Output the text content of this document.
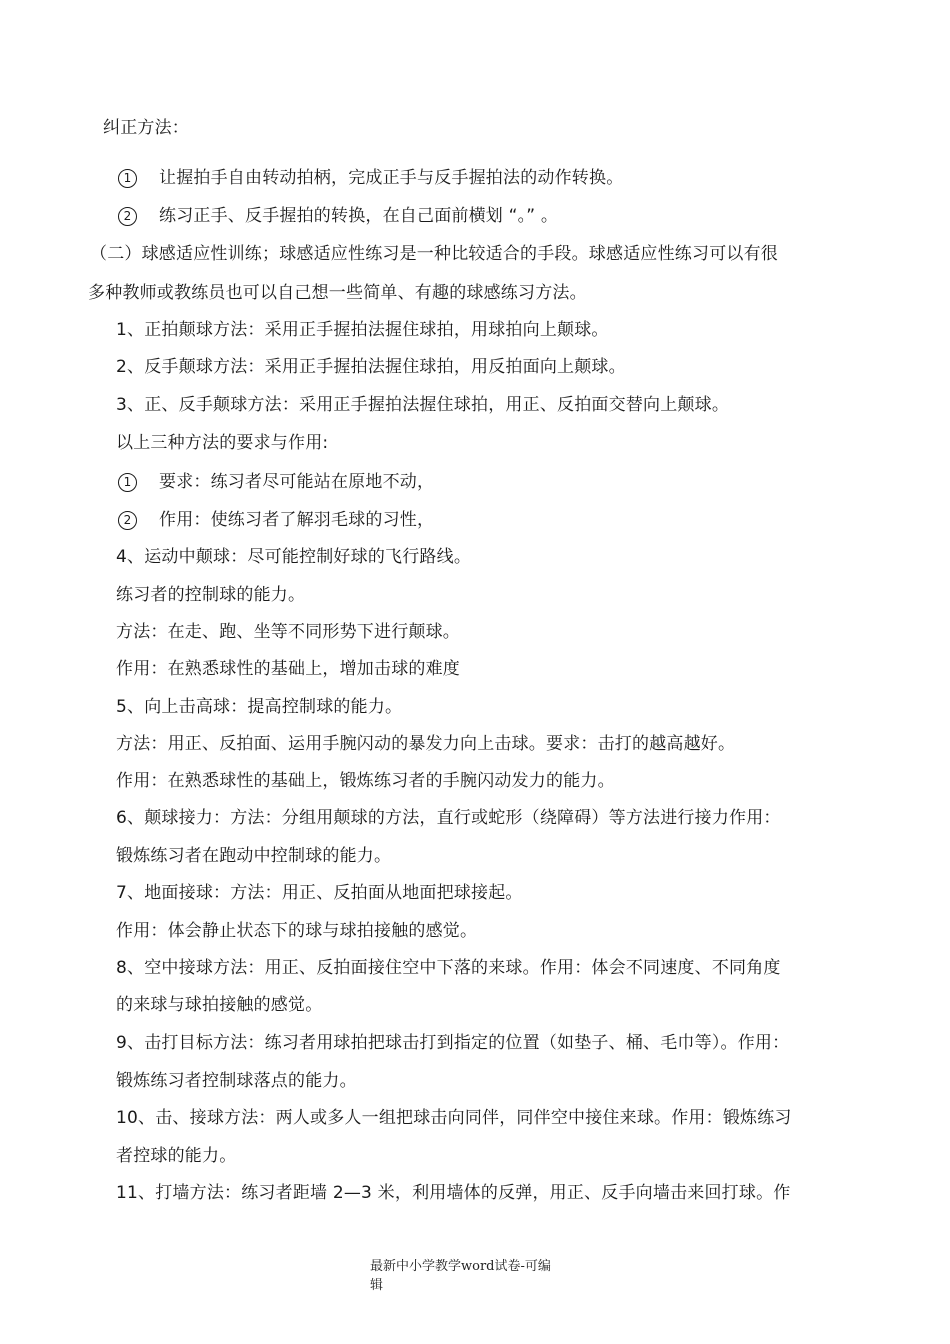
纠正方法：
1 让握拍手自由转动拍柄，完成正手与反手握拍法的动作转换。
2 练习正手、反手握拍的转换，在自己面前横划 “。” 。
（二）球感适应性训练；球感适应性练习是一种比较适合的手段。球感适应性练习可以有很
多种教师或教练员也可以自己想一些简单、有趣的球感练习方法。
1、正拍颠球方法：采用正手握拍法握住球拍，用球拍向上颠球。
2、反手颠球方法：采用正手握拍法握住球拍，用反拍面向上颠球。
3、正、反手颠球方法：采用正手握拍法握住球拍，用正、反拍面交替向上颠球。
以上三种方法的要求与作用:
1 要求：练习者尽可能站在原地不动，
2 作用：使练习者了解羽毛球的习性，
4、运动中颠球：尽可能控制好球的飞行路线。
练习者的控制球的能力。
方法：在走、跑、坐等不同形势下进行颠球。
作用：在熟悉球性的基础上，增加击球的难度
5、向上击高球：提高控制球的能力。
方法：用正、反拍面、运用手腕闪动的暴发力向上击球。要求：击打的越高越好。
作用：在熟悉球性的基础上，锻炼练习者的手腕闪动发力的能力。
6、颠球接力：方法：分组用颠球的方法，直行或蛇形（绕障碍）等方法进行接力作用：
锻炼练习者在跑动中控制球的能力。
7、地面接球：方法：用正、反拍面从地面把球接起。
作用：体会静止状态下的球与球拍接触的感觉。
8、空中接球方法：用正、反拍面接住空中下落的来球。作用：体会不同速度、不同角度
的来球与球拍接触的感觉。
9、击打目标方法：练习者用球拍把球击打到指定的位置（如垫子、桶、毛巾等）。作用：
锻炼练习者控制球落点的能力。
10、击、接球方法：两人或多人一组把球击向同伴，同伴空中接住来球。作用：锻炼练习
者控球的能力。
11、打墙方法：练习者距墙 2—3 米，利用墙体的反弹，用正、反手向墙击来回打球。作
最新中小学教学word试卷-可编
辑
